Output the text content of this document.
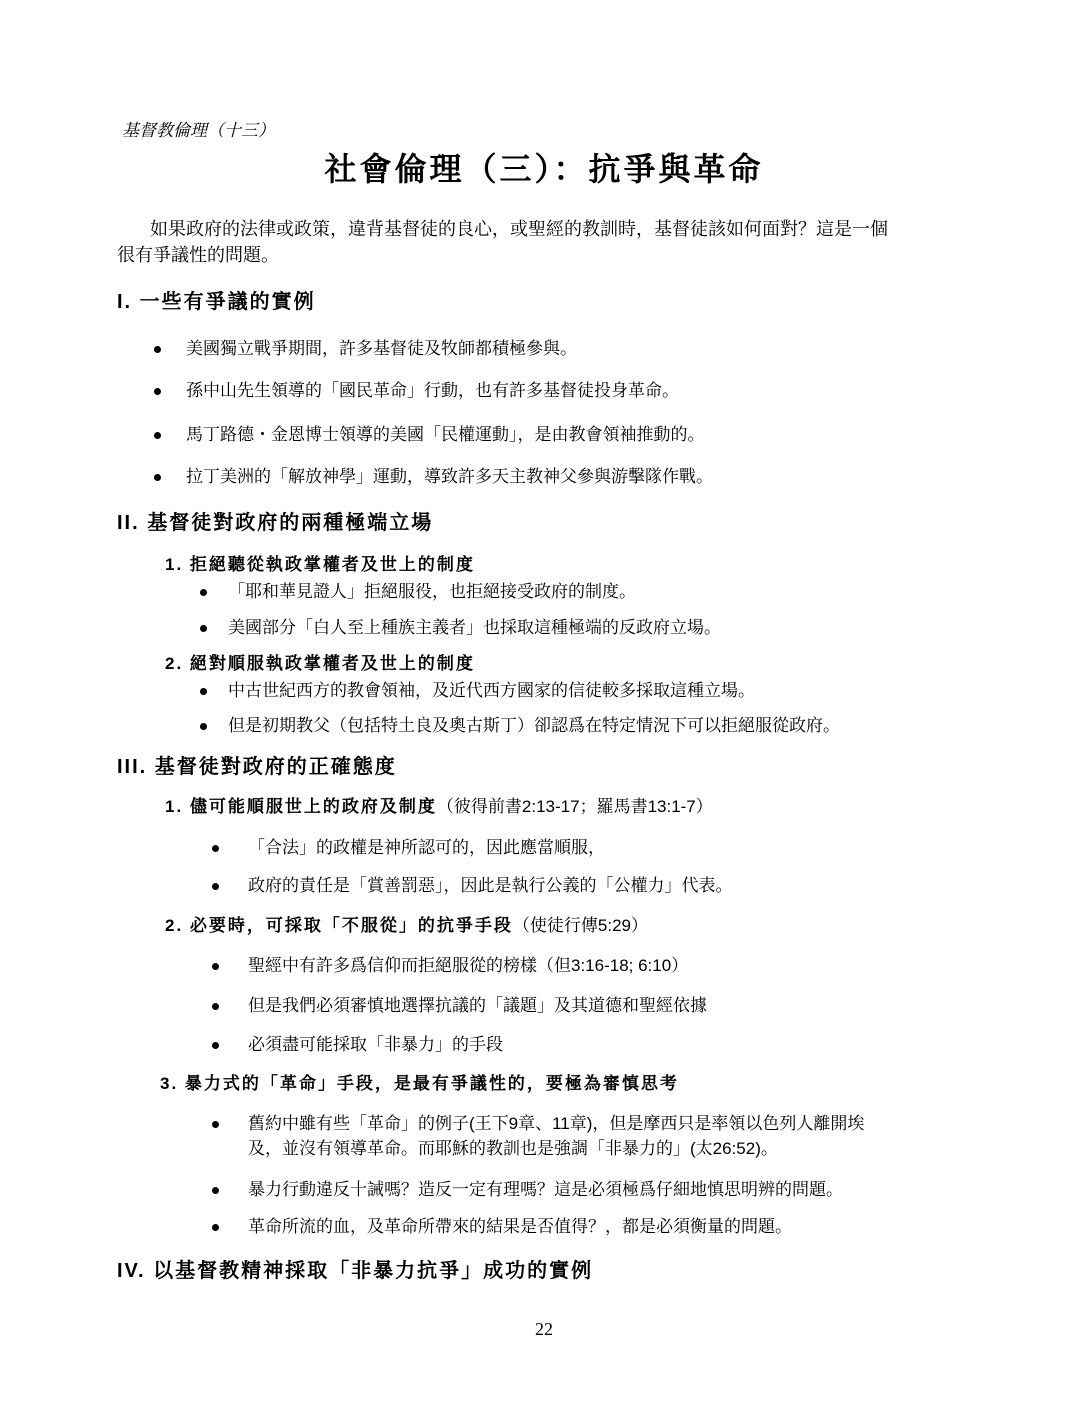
基督教倫理（十三）
社會倫理（三）：抗爭與革命
如果政府的法律或政策，違背基督徒的良心，或聖經的教訓時，基督徒該如何面對？這是一個
很有爭議性的問題。
I. 一些有爭議的實例
美國獨立戰爭期間，許多基督徒及牧師都積極參與。
孫中山先生領導的「國民革命」行動，也有許多基督徒投身革命。
馬丁路德・金恩博士領導的美國「民權運動」，是由教會領袖推動的。
拉丁美洲的「解放神學」運動，導致許多天主教神父參與游擊隊作戰。
II. 基督徒對政府的兩種極端立場
1. 拒絕聽從執政掌權者及世上的制度
「耶和華見證人」拒絕服役，也拒絕接受政府的制度。
美國部分「白人至上種族主義者」也採取這種極端的反政府立場。
2. 絕對順服執政掌權者及世上的制度
中古世紀西方的教會領袖，及近代西方國家的信徒較多採取這種立場。
但是初期教父（包括特土良及奧古斯丁）卻認爲在特定情況下可以拒絕服從政府。
III. 基督徒對政府的正確態度
1. 儘可能順服世上的政府及制度（彼得前書2:13-17；羅馬書13:1-7）
「合法」的政權是神所認可的，因此應當順服，
政府的責任是「賞善罰惡」，因此是執行公義的「公權力」代表。
2. 必要時，可採取「不服從」的抗爭手段（使徒行傳5:29）
聖經中有許多爲信仰而拒絕服從的榜樣（但3:16-18; 6:10）
但是我們必須審慎地選擇抗議的「議題」及其道德和聖經依據
必須盡可能採取「非暴力」的手段
3. 暴力式的「革命」手段，是最有爭議性的，要極為審慎思考
舊約中雖有些「革命」的例子(王下9章、11章)，但是摩西只是率領以色列人離開埃
及，並沒有領導革命。而耶穌的教訓也是強調「非暴力的」(太26:52)。
暴力行動違反十誡嗎？造反一定有理嗎？這是必須極爲仔細地慎思明辨的問題。
革命所流的血，及革命所帶來的結果是否值得？，都是必須衡量的問題。
IV. 以基督教精神採取「非暴力抗爭」成功的實例
22
